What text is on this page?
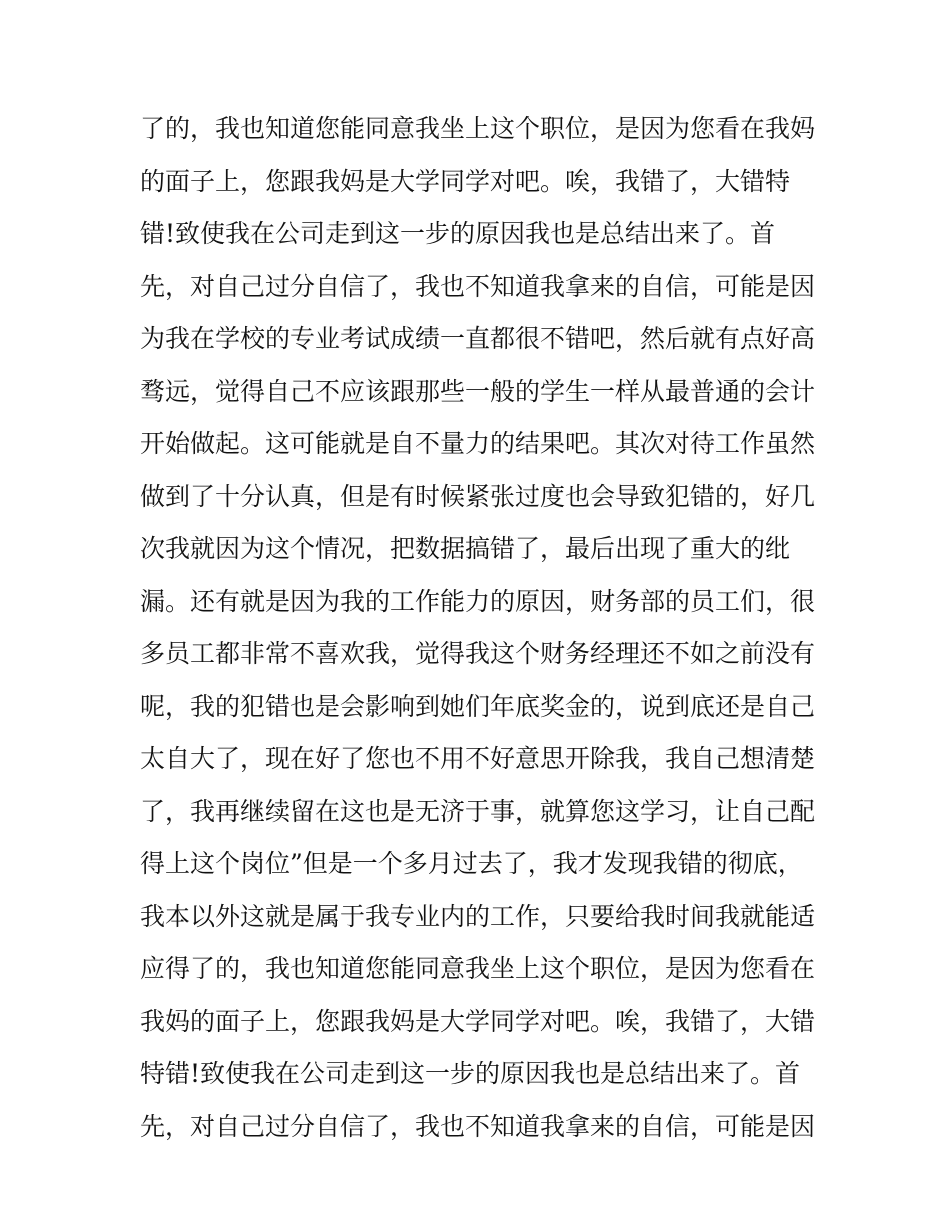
了的，我也知道您能同意我坐上这个职位，是因为您看在我妈
的面子上，您跟我妈是大学同学对吧。唉，我错了，大错特
错!致使我在公司走到这一步的原因我也是总结出来了。首
先，对自己过分自信了，我也不知道我拿来的自信，可能是因
为我在学校的专业考试成绩一直都很不错吧，然后就有点好高
骛远，觉得自己不应该跟那些一般的学生一样从最普通的会计
开始做起。这可能就是自不量力的结果吧。其次对待工作虽然
做到了十分认真，但是有时候紧张过度也会导致犯错的，好几
次我就因为这个情况，把数据搞错了，最后出现了重大的纰
漏。还有就是因为我的工作能力的原因，财务部的员工们，很
多员工都非常不喜欢我，觉得我这个财务经理还不如之前没有
呢，我的犯错也是会影响到她们年底奖金的，说到底还是自己
太自大了，现在好了您也不用不好意思开除我，我自己想清楚
了，我再继续留在这也是无济于事，就算您这学习，让自己配
得上这个岗位”但是一个多月过去了，我才发现我错的彻底，
我本以外这就是属于我专业内的工作，只要给我时间我就能适
应得了的，我也知道您能同意我坐上这个职位，是因为您看在
我妈的面子上，您跟我妈是大学同学对吧。唉，我错了，大错
特错!致使我在公司走到这一步的原因我也是总结出来了。首
先，对自己过分自信了，我也不知道我拿来的自信，可能是因
